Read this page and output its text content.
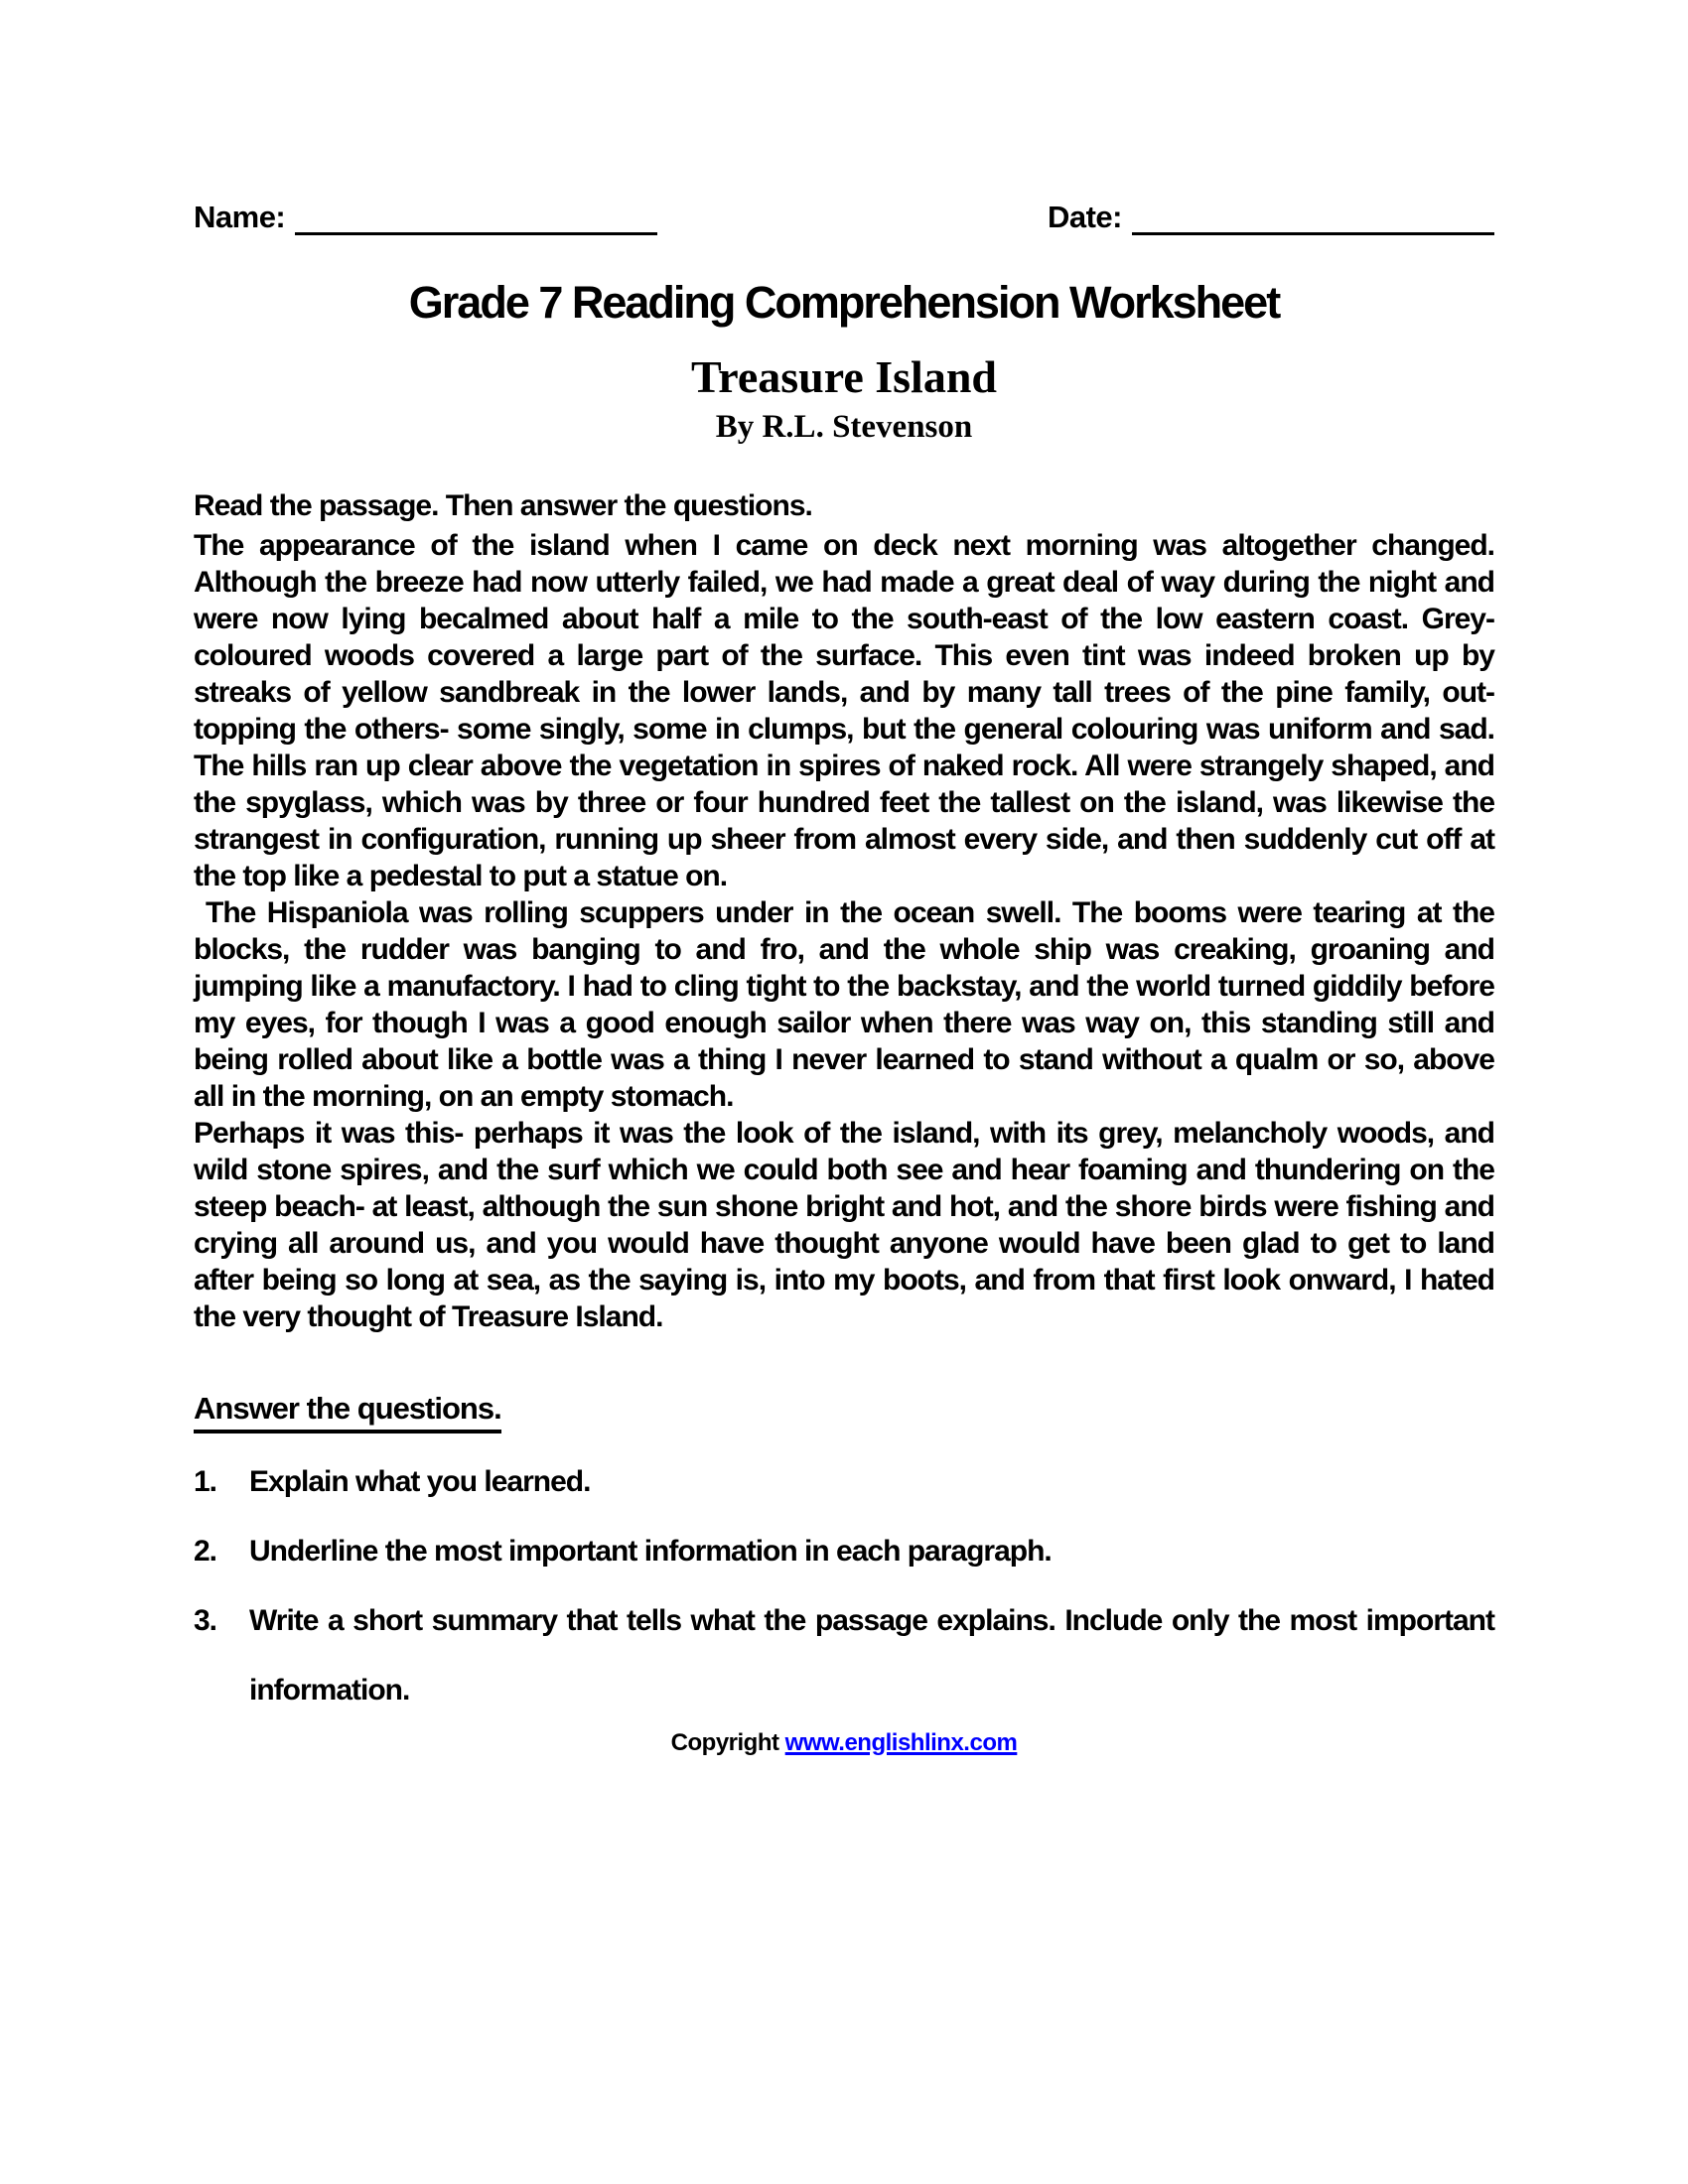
Name:	Date:
Grade 7 Reading Comprehension Worksheet
Treasure Island
By R.L. Stevenson

Read the passage. Then answer the questions.

The appearance of the island when I came on deck next morning was altogether changed. Although the breeze had now utterly failed, we had made a great deal of way during the night and were now lying becalmed about half a mile to the south-east of the low eastern coast. Grey-coloured woods covered a large part of the surface. This even tint was indeed broken up by streaks of yellow sandbreak in the lower lands, and by many tall trees of the pine family, out-topping the others- some singly, some in clumps, but the general colouring was uniform and sad. The hills ran up clear above the vegetation in spires of naked rock. All were strangely shaped, and the spyglass, which was by three or four hundred feet the tallest on the island, was likewise the strangest in configuration, running up sheer from almost every side, and then suddenly cut off at the top like a pedestal to put a statue on.

The Hispaniola was rolling scuppers under in the ocean swell. The booms were tearing at the blocks, the rudder was banging to and fro, and the whole ship was creaking, groaning and jumping like a manufactory. I had to cling tight to the backstay, and the world turned giddily before my eyes, for though I was a good enough sailor when there was way on, this standing still and being rolled about like a bottle was a thing I never learned to stand without a qualm or so, above all in the morning, on an empty stomach.

Perhaps it was this- perhaps it was the look of the island, with its grey, melancholy woods, and wild stone spires, and the surf which we could both see and hear foaming and thundering on the steep beach- at least, although the sun shone bright and hot, and the shore birds were fishing and crying all around us, and you would have thought anyone would have been glad to get to land after being so long at sea, as the saying is, into my boots, and from that first look onward, I hated the very thought of Treasure Island.

Answer the questions.
1.	Explain what you learned.
2.	Underline the most important information in each paragraph.
3.	Write a short summary that tells what the passage explains. Include only the most important information.
Copyright www.englishlinx.com
